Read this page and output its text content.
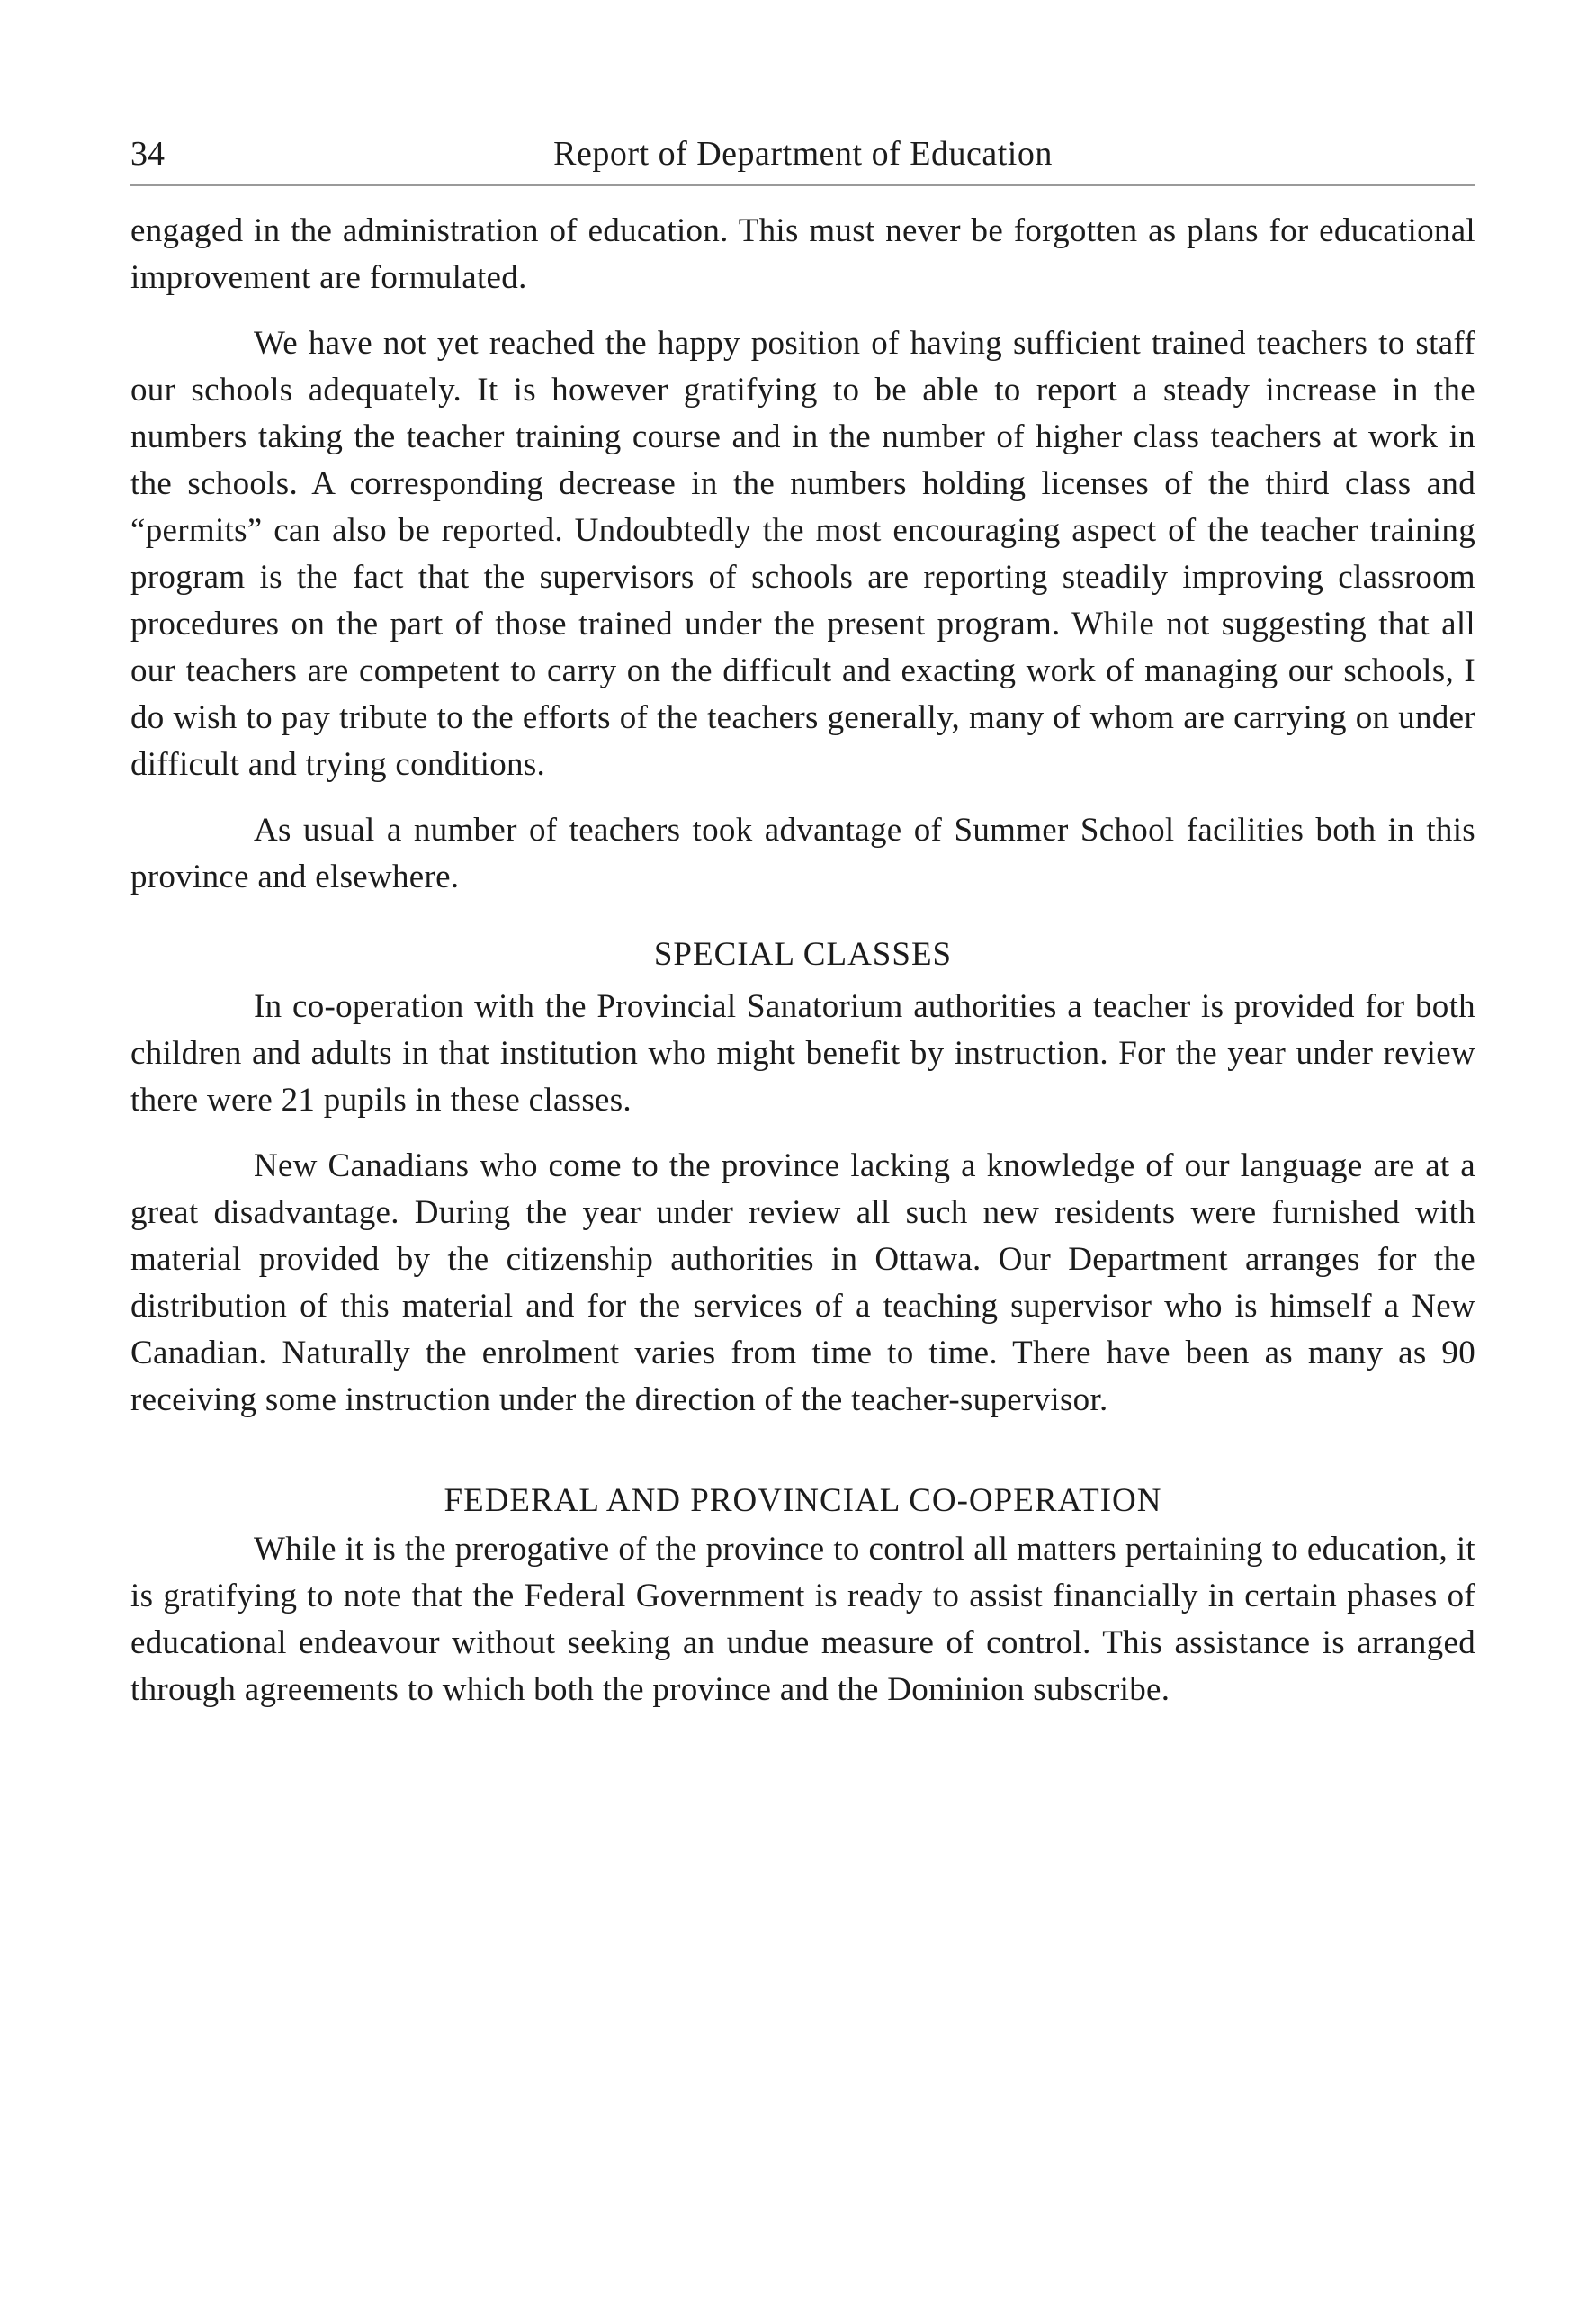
34	Report of Department of Education

engaged in the administration of education. This must never be forgotten as plans for educational improvement are formulated.

We have not yet reached the happy position of having sufficient trained teachers to staff our schools adequately. It is however gratifying to be able to report a steady increase in the numbers taking the teacher training course and in the number of higher class teachers at work in the schools. A corresponding decrease in the numbers holding licenses of the third class and “permits” can also be reported. Undoubtedly the most encouraging aspect of the teacher training program is the fact that the supervisors of schools are reporting steadily improving classroom procedures on the part of those trained under the present program. While not suggesting that all our teachers are competent to carry on the difficult and exacting work of managing our schools, I do wish to pay tribute to the efforts of the teachers generally, many of whom are carrying on under difficult and trying conditions.

As usual a number of teachers took advantage of Summer School facilities both in this province and elsewhere.

SPECIAL CLASSES

In co-operation with the Provincial Sanatorium authorities a teacher is provided for both children and adults in that institution who might benefit by instruction. For the year under review there were 21 pupils in these classes.

New Canadians who come to the province lacking a knowledge of our language are at a great disadvantage. During the year under review all such new residents were furnished with material provided by the citizenship authorities in Ottawa. Our Department arranges for the distribution of this material and for the services of a teaching supervisor who is himself a New Canadian. Naturally the enrolment varies from time to time. There have been as many as 90 receiving some instruction under the direction of the teacher-supervisor.

FEDERAL AND PROVINCIAL CO-OPERATION

While it is the prerogative of the province to control all matters pertaining to education, it is gratifying to note that the Federal Government is ready to assist financially in certain phases of educational endeavour without seeking an undue measure of control. This assistance is arranged through agreements to which both the province and the Dominion subscribe.
